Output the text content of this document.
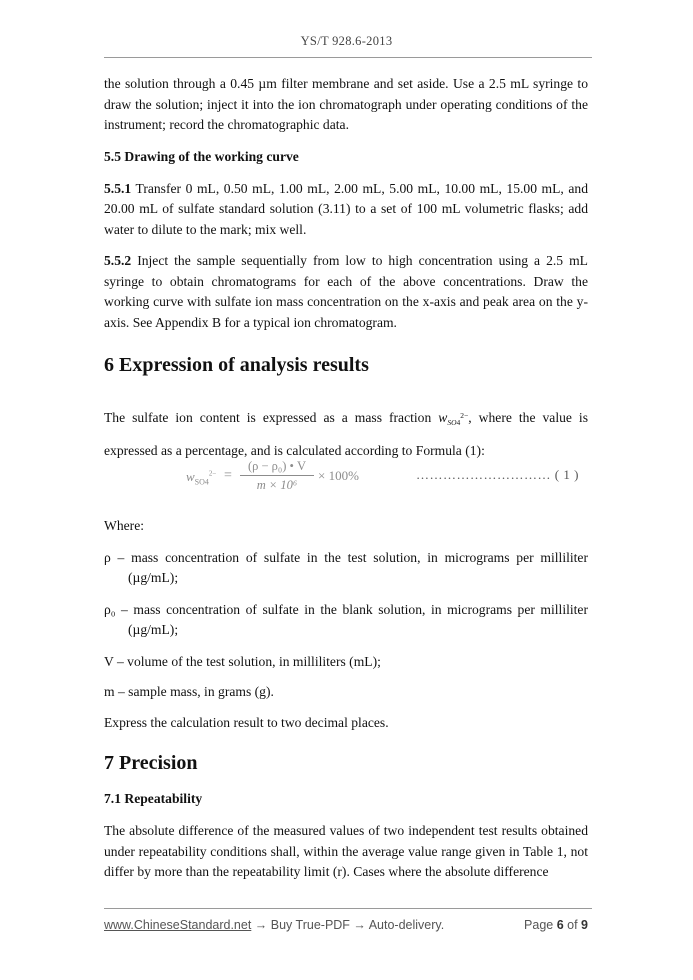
YS/T 928.6-2013

the solution through a 0.45 µm filter membrane and set aside. Use a 2.5 mL syringe to draw the solution; inject it into the ion chromatograph under operating conditions of the instrument; record the chromatographic data.

5.5 Drawing of the working curve

5.5.1 Transfer 0 mL, 0.50 mL, 1.00 mL, 2.00 mL, 5.00 mL, 10.00 mL, 15.00 mL, and 20.00 mL of sulfate standard solution (3.11) to a set of 100 mL volumetric flasks; add water to dilute to the mark; mix well.

5.5.2 Inject the sample sequentially from low to high concentration using a 2.5 mL syringe to obtain chromatograms for each of the above concentrations. Draw the working curve with sulfate ion mass concentration on the x-axis and peak area on the y-axis. See Appendix B for a typical ion chromatogram.

6 Expression of analysis results

The sulfate ion content is expressed as a mass fraction $w_{SO4}^{2-}$, where the value is expressed as a percentage, and is calculated according to Formula (1):

$w_{SO4}^{2-}$ =
(ρ − ρ₀) • V
m × 10⁶
× 100%	………………………… ( 1 )

Where:

ρ – mass concentration of sulfate in the test solution, in micrograms per milliliter (µg/mL);

ρ₀ – mass concentration of sulfate in the blank solution, in micrograms per milliliter (µg/mL);

V – volume of the test solution, in milliliters (mL);

m – sample mass, in grams (g).

Express the calculation result to two decimal places.

7 Precision
7.1 Repeatability

The absolute difference of the measured values of two independent test results obtained under repeatability conditions shall, within the average value range given in Table 1, not differ by more than the repeatability limit (r). Cases where the absolute difference

www.ChineseStandard.net → Buy True-PDF → Auto-delivery.	Page 6 of 9
